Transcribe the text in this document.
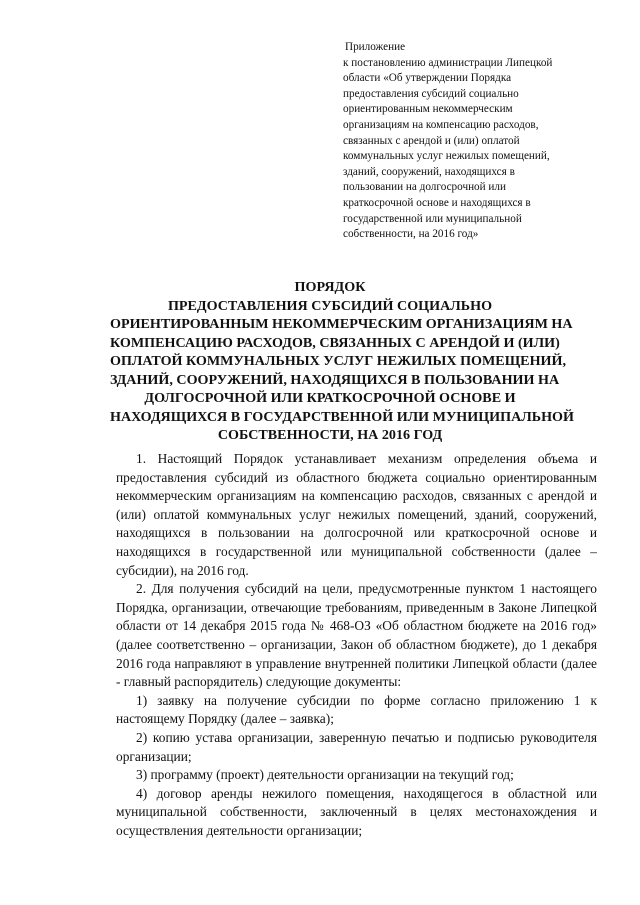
Приложение
к постановлению администрации Липецкой
области «Об утверждении Порядка
предоставления субсидий социально
ориентированным некоммерческим
организациям на компенсацию расходов,
связанных с арендой и (или) оплатой
коммунальных услуг нежилых помещений,
зданий, сооружений, находящихся в
пользовании на долгосрочной или
краткосрочной основе и находящихся в
государственной или муниципальной
собственности, на 2016 год»
ПОРЯДОК
ПРЕДОСТАВЛЕНИЯ СУБСИДИЙ СОЦИАЛЬНО
ОРИЕНТИРОВАННЫМ НЕКОММЕРЧЕСКИМ ОРГАНИЗАЦИЯМ НА
КОМПЕНСАЦИЮ РАСХОДОВ, СВЯЗАННЫХ С АРЕНДОЙ И (ИЛИ)
ОПЛАТОЙ КОММУНАЛЬНЫХ УСЛУГ НЕЖИЛЫХ ПОМЕЩЕНИЙ,
ЗДАНИЙ, СООРУЖЕНИЙ, НАХОДЯЩИХСЯ В ПОЛЬЗОВАНИИ НА
ДОЛГОСРОЧНОЙ ИЛИ КРАТКОСРОЧНОЙ ОСНОВЕ И
НАХОДЯЩИХСЯ В ГОСУДАРСТВЕННОЙ ИЛИ МУНИЦИПАЛЬНОЙ
СОБСТВЕННОСТИ, НА 2016 ГОД

1. Настоящий Порядок устанавливает механизм определения объема и предоставления субсидий из областного бюджета социально ориентированным некоммерческим организациям на компенсацию расходов, связанных с арендой и (или) оплатой коммунальных услуг нежилых помещений, зданий, сооружений, находящихся в пользовании на долгосрочной или краткосрочной основе и находящихся в государственной или муниципальной собственности (далее – субсидии), на 2016 год.

2. Для получения субсидий на цели, предусмотренные пунктом 1 настоящего Порядка, организации, отвечающие требованиям, приведенным в Законе Липецкой области от 14 декабря 2015 года № 468-ОЗ «Об областном бюджете на 2016 год» (далее соответственно – организации, Закон об областном бюджете), до 1 декабря 2016 года направляют в управление внутренней политики Липецкой области (далее - главный распорядитель) следующие документы:

1) заявку на получение субсидии по форме согласно приложению 1 к настоящему Порядку (далее – заявка);

2) копию устава организации, заверенную печатью и подписью руководителя организации;

3) программу (проект) деятельности организации на текущий год;

4) договор аренды нежилого помещения, находящегося в областной или муниципальной собственности, заключенный в целях местонахождения и осуществления деятельности организации;
